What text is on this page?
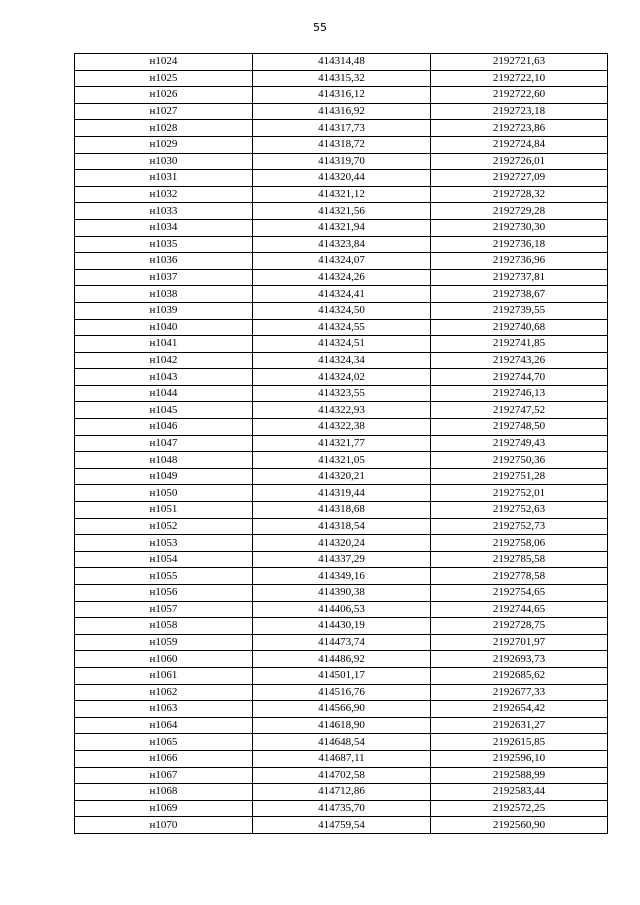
55
н1024	414314,48	2192721,63
н1025	414315,32	2192722,10
н1026	414316,12	2192722,60
н1027	414316,92	2192723,18
н1028	414317,73	2192723,86
н1029	414318,72	2192724,84
н1030	414319,70	2192726,01
н1031	414320,44	2192727,09
н1032	414321,12	2192728,32
н1033	414321,56	2192729,28
н1034	414321,94	2192730,30
н1035	414323,84	2192736,18
н1036	414324,07	2192736,96
н1037	414324,26	2192737,81
н1038	414324,41	2192738,67
н1039	414324,50	2192739,55
н1040	414324,55	2192740,68
н1041	414324,51	2192741,85
н1042	414324,34	2192743,26
н1043	414324,02	2192744,70
н1044	414323,55	2192746,13
н1045	414322,93	2192747,52
н1046	414322,38	2192748,50
н1047	414321,77	2192749,43
н1048	414321,05	2192750,36
н1049	414320,21	2192751,28
н1050	414319,44	2192752,01
н1051	414318,68	2192752,63
н1052	414318,54	2192752,73
н1053	414320,24	2192758,06
н1054	414337,29	2192785,58
н1055	414349,16	2192778,58
н1056	414390,38	2192754,65
н1057	414406,53	2192744,65
н1058	414430,19	2192728,75
н1059	414473,74	2192701,97
н1060	414486,92	2192693,73
н1061	414501,17	2192685,62
н1062	414516,76	2192677,33
н1063	414566,90	2192654,42
н1064	414618,90	2192631,27
н1065	414648,54	2192615,85
н1066	414687,11	2192596,10
н1067	414702,58	2192588,99
н1068	414712,86	2192583,44
н1069	414735,70	2192572,25
н1070	414759,54	2192560,90
